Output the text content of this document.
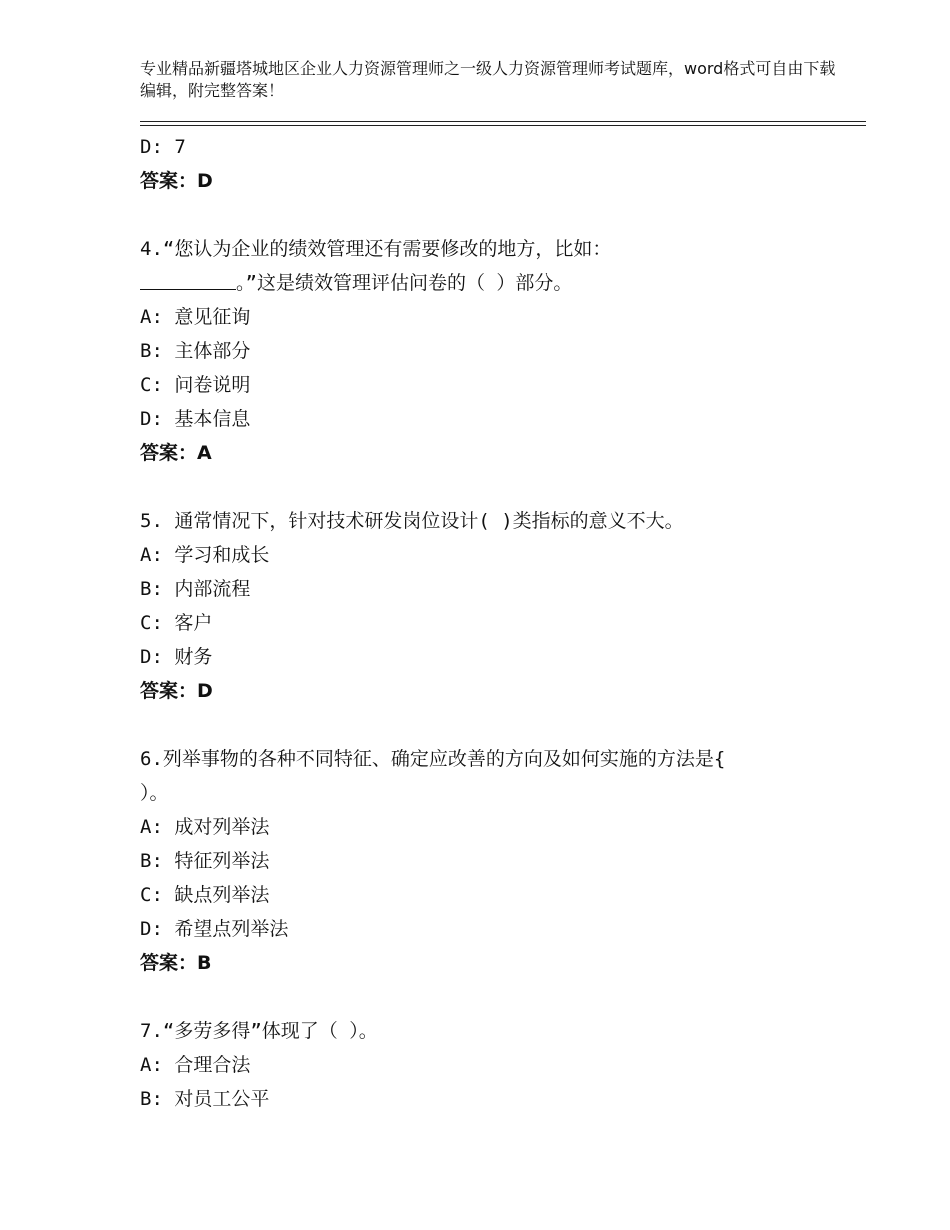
专业精品新疆塔城地区企业人力资源管理师之一级人力资源管理师考试题库，word格式可自由下载编辑，附完整答案！
D: 7
答案：D
4.“您认为企业的绩效管理还有需要修改的地方，比如：
。”这是绩效管理评估问卷的（ ）部分。
A: 意见征询
B: 主体部分
C: 问卷说明
D: 基本信息
答案：A
5. 通常情况下，针对技术研发岗位设计( )类指标的意义不大。
A: 学习和成长
B: 内部流程
C: 客户
D: 财务
答案：D
6.列举事物的各种不同特征、确定应改善的方向及如何实施的方法是{
）。
A: 成对列举法
B: 特征列举法
C: 缺点列举法
D: 希望点列举法
答案：B
7.“多劳多得”体现了（ ）。
A: 合理合法
B: 对员工公平
